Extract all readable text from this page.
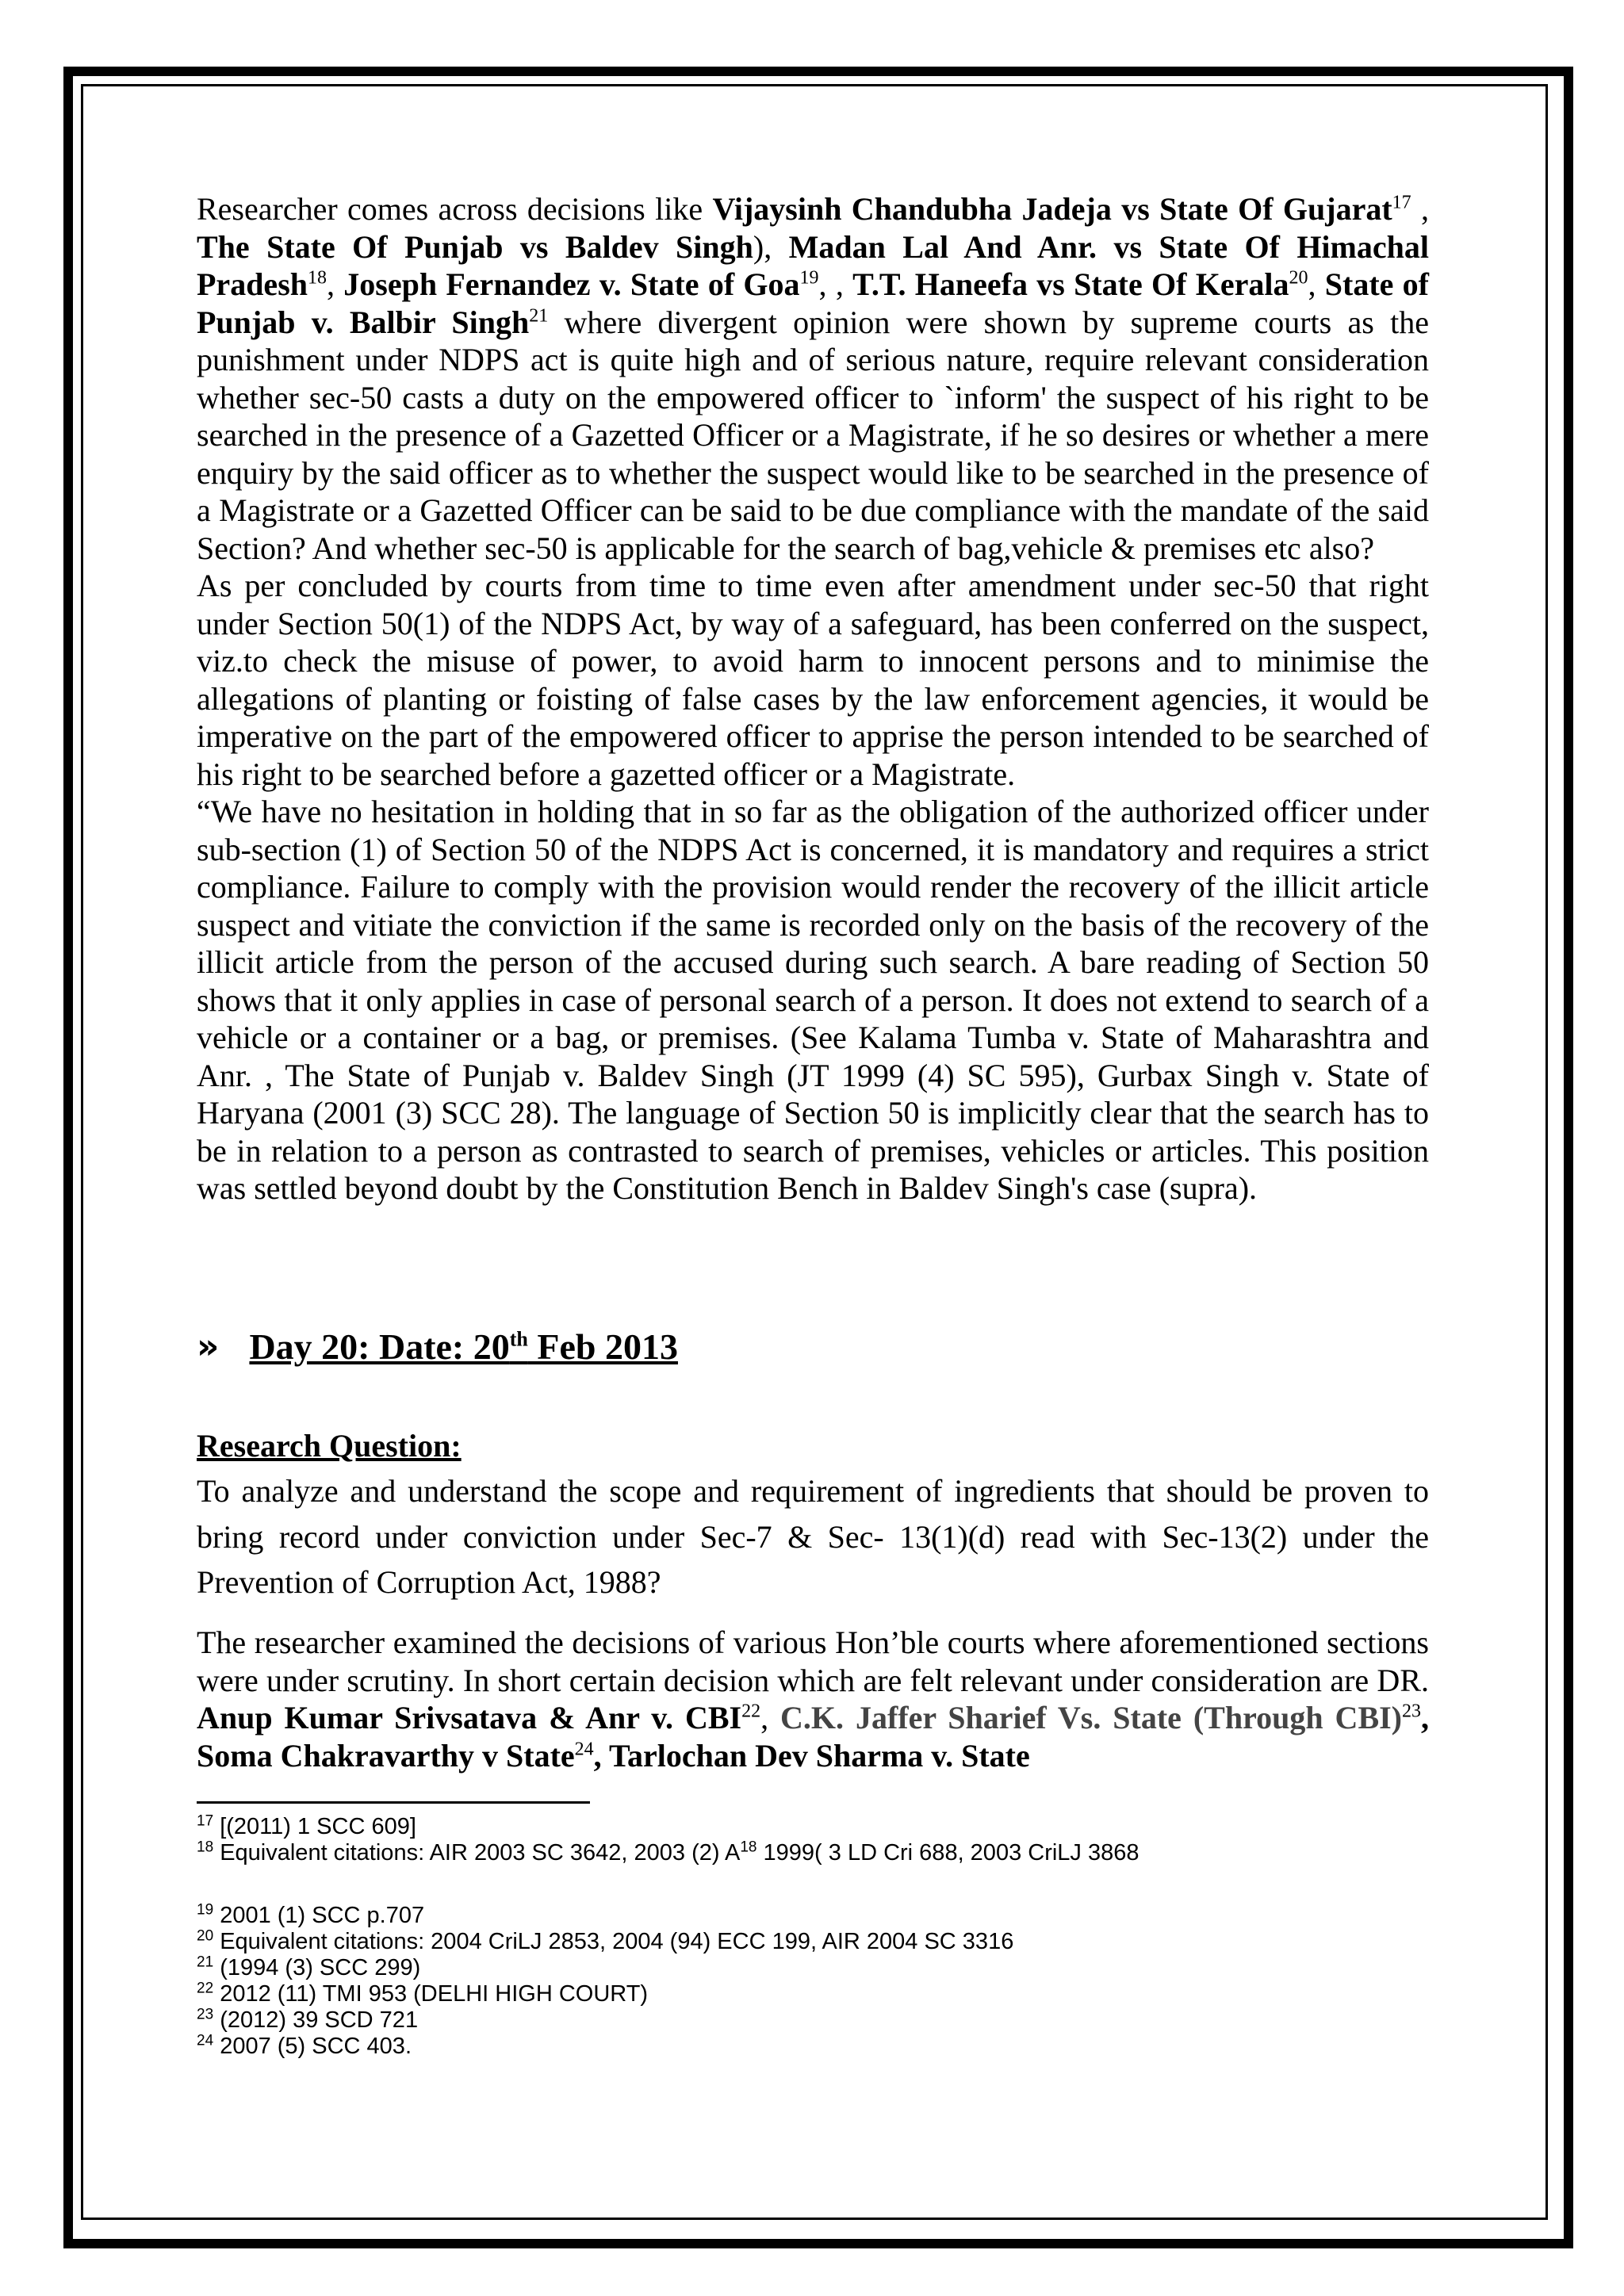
Researcher comes across decisions like Vijaysinh Chandubha Jadeja vs State Of Gujarat$^{17}$ , The State Of Punjab vs Baldev Singh), Madan Lal And Anr. vs State Of Himachal Pradesh$^{18}$, Joseph Fernandez v. State of Goa$^{19}$, , T.T. Haneefa vs State Of Kerala$^{20}$, State of Punjab v. Balbir Singh$^{21}$ where divergent opinion were shown by supreme courts as the punishment under NDPS act is quite high and of serious nature, require relevant consideration whether sec-50 casts a duty on the empowered officer to `inform' the suspect of his right to be searched in the presence of a Gazetted Officer or a Magistrate, if he so desires or whether a mere enquiry by the said officer as to whether the suspect would like to be searched in the presence of a Magistrate or a Gazetted Officer can be said to be due compliance with the mandate of the said Section? And whether sec-50 is applicable for the search of bag,vehicle & premises etc also?

As per concluded by courts from time to time even after amendment under sec-50 that right under Section 50(1) of the NDPS Act, by way of a safeguard, has been conferred on the suspect, viz.to check the misuse of power, to avoid harm to innocent persons and to minimise the allegations of planting or foisting of false cases by the law enforcement agencies, it would be imperative on the part of the empowered officer to apprise the person intended to be searched of his right to be searched before a gazetted officer or a Magistrate.

“We have no hesitation in holding that in so far as the obligation of the authorized officer under sub-section (1) of Section 50 of the NDPS Act is concerned, it is mandatory and requires a strict compliance. Failure to comply with the provision would render the recovery of the illicit article suspect and vitiate the conviction if the same is recorded only on the basis of the recovery of the illicit article from the person of the accused during such search. A bare reading of Section 50 shows that it only applies in case of personal search of a person. It does not extend to search of a vehicle or a container or a bag, or premises. (See Kalama Tumba v. State of Maharashtra and Anr. , The State of Punjab v. Baldev Singh (JT 1999 (4) SC 595), Gurbax Singh v. State of Haryana (2001 (3) SCC 28). The language of Section 50 is implicitly clear that the search has to be in relation to a person as contrasted to search of premises, vehicles or articles. This position was settled beyond doubt by the Constitution Bench in Baldev Singh's case (supra).

» Day 20: Date: 20th Feb 2013
Research Question:

To analyze and understand the scope and requirement of ingredients that should be proven to bring record under conviction under Sec-7 & Sec- 13(1)(d) read with Sec-13(2) under the Prevention of Corruption Act, 1988?

The researcher examined the decisions of various Hon’ble courts where aforementioned sections were under scrutiny. In short certain decision which are felt relevant under consideration are DR. Anup Kumar Srivsatava & Anr v. CBI$^{22}$, C.K. Jaffer Sharief Vs. State (Through CBI)$^{23}$, Soma Chakravarthy v State$^{24}$, Tarlochan Dev Sharma v. State

$^{17}$ [(2011) 1 SCC 609]

$^{18}$ Equivalent citations: AIR 2003 SC 3642, 2003 (2) $A^{18}$ 1999( 3 LD Cri 688, 2003 CriLJ 3868

$^{19}$ 2001 (1) SCC p.707

$^{20}$ Equivalent citations: 2004 CriLJ 2853, 2004 (94) ECC 199, AIR 2004 SC 3316

$^{21}$ (1994 (3) SCC 299)

$^{22}$ 2012 (11) TMI 953 (DELHI HIGH COURT)

$^{23}$ (2012) 39 SCD 721

$^{24}$ 2007 (5) SCC 403.
